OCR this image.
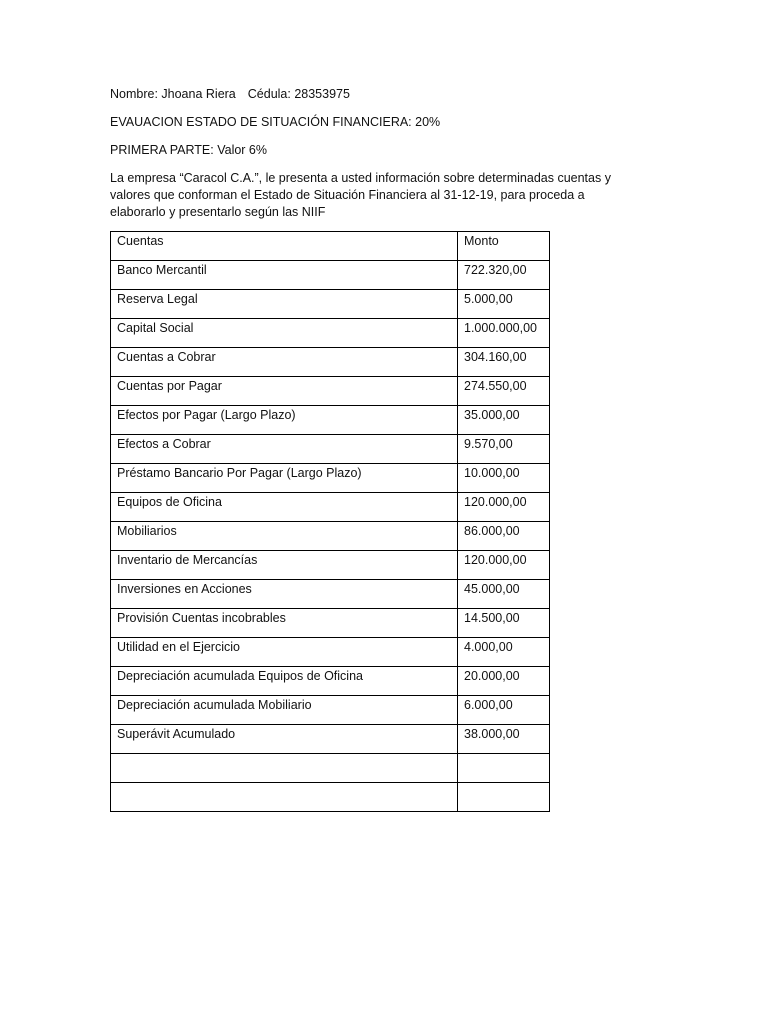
Nombre: Jhoana Riera Cédula: 28353975

EVAUACION ESTADO DE SITUACIÓN FINANCIERA: 20%

PRIMERA PARTE: Valor 6%

La empresa “Caracol C.A.”, le presenta a usted información sobre determinadas cuentas y valores que conforman el Estado de Situación Financiera al 31-12-19, para proceda a elaborarlo y presentarlo según las NIIF

Cuentas	Monto
Banco Mercantil	722.320,00
Reserva Legal	5.000,00
Capital Social	1.000.000,00
Cuentas a Cobrar	304.160,00
Cuentas por Pagar	274.550,00
Efectos por Pagar (Largo Plazo)	35.000,00
Efectos a Cobrar	9.570,00
Préstamo Bancario Por Pagar (Largo Plazo)	10.000,00
Equipos de Oficina	120.000,00
Mobiliarios	86.000,00
Inventario de Mercancías	120.000,00
Inversiones en Acciones	45.000,00
Provisión Cuentas incobrables	14.500,00
Utilidad en el Ejercicio	4.000,00
Depreciación acumulada Equipos de Oficina	20.000,00
Depreciación acumulada Mobiliario	6.000,00
Superávit Acumulado	38.000,00
